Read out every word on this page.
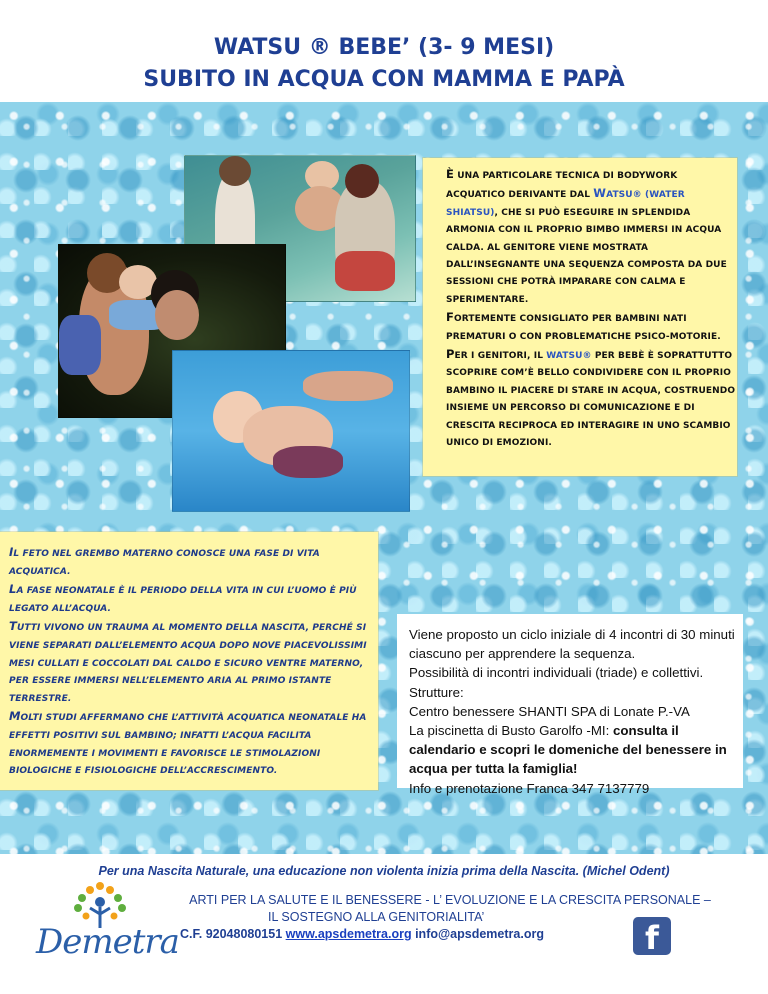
WATSU ® BEBE’ (3- 9 MESI)
SUBITO IN ACQUA CON MAMMA E PAPÀ
È UNA PARTICOLARE TECNICA DI BODYWORK ACQUATICO DERIVANTE DAL WATSU® (WATER SHIATSU), CHE SI PUÒ ESEGUIRE IN SPLENDIDA ARMONIA CON IL PROPRIO BIMBO IMMERSI IN ACQUA CALDA. AL GENITORE VIENE MOSTRATA DALL’INSEGNANTE UNA SEQUENZA COMPOSTA DA DUE SESSIONI CHE POTRÀ IMPARARE CON CALMA E SPERIMENTARE.
FORTEMENTE CONSIGLIATO PER BAMBINI NATI PREMATURI O CON PROBLEMATICHE PSICO-MOTORIE.
PER I GENITORI, IL WATSU® PER BEBÈ È SOPRATTUTTO SCOPRIRE COM’È BELLO CONDIVIDERE CON IL PROPRIO BAMBINO IL PIACERE DI STARE IN ACQUA, COSTRUENDO INSIEME UN PERCORSO DI COMUNICAZIONE E DI CRESCITA RECIPROCA ED INTERAGIRE IN UNO SCAMBIO UNICO DI EMOZIONI.
IL FETO NEL GREMBO MATERNO CONOSCE UNA FASE DI VITA ACQUATICA.
LA FASE NEONATALE È IL PERIODO DELLA VITA IN CUI L’UOMO È PIÙ LEGATO ALL’ACQUA.
TUTTI VIVONO UN TRAUMA AL MOMENTO DELLA NASCITA, PERCHÉ SI VIENE SEPARATI DALL’ELEMENTO ACQUA DOPO NOVE PIACEVOLISSIMI MESI CULLATI E COCCOLATI DAL CALDO E SICURO VENTRE MATERNO, PER ESSERE IMMERSI NELL’ELEMENTO ARIA AL PRIMO ISTANTE TERRESTRE.
MOLTI STUDI AFFERMANO CHE L’ATTIVITÀ ACQUATICA NEONATALE HA EFFETTI POSITIVI SUL BAMBINO; INFATTI L’ACQUA FACILITA ENORMEMENTE I MOVIMENTI E FAVORISCE LE STIMOLAZIONI BIOLOGICHE E FISIOLOGICHE DELL’ACCRESCIMENTO.
Viene proposto un ciclo iniziale di 4 incontri di 30 minuti ciascuno per apprendere la sequenza.
Possibilità di incontri individuali (triade) e collettivi.
Strutture:
Centro benessere SHANTI SPA di Lonate P.-VA
La piscinetta di Busto Garolfo -MI: consulta il calendario e scopri le domeniche del benessere in acqua per tutta la famiglia!
Info e prenotazione Franca 347 7137779
Per una Nascita Naturale, una educazione non violenta inizia prima della Nascita. (Michel Odent)
Demetra
ARTI PER LA SALUTE E IL BENESSERE - L’ EVOLUZIONE E LA CRESCITA PERSONALE –
IL SOSTEGNO ALLA GENITORIALITA’
C.F. 92048080151 www.apsdemetra.org info@apsdemetra.org	f
